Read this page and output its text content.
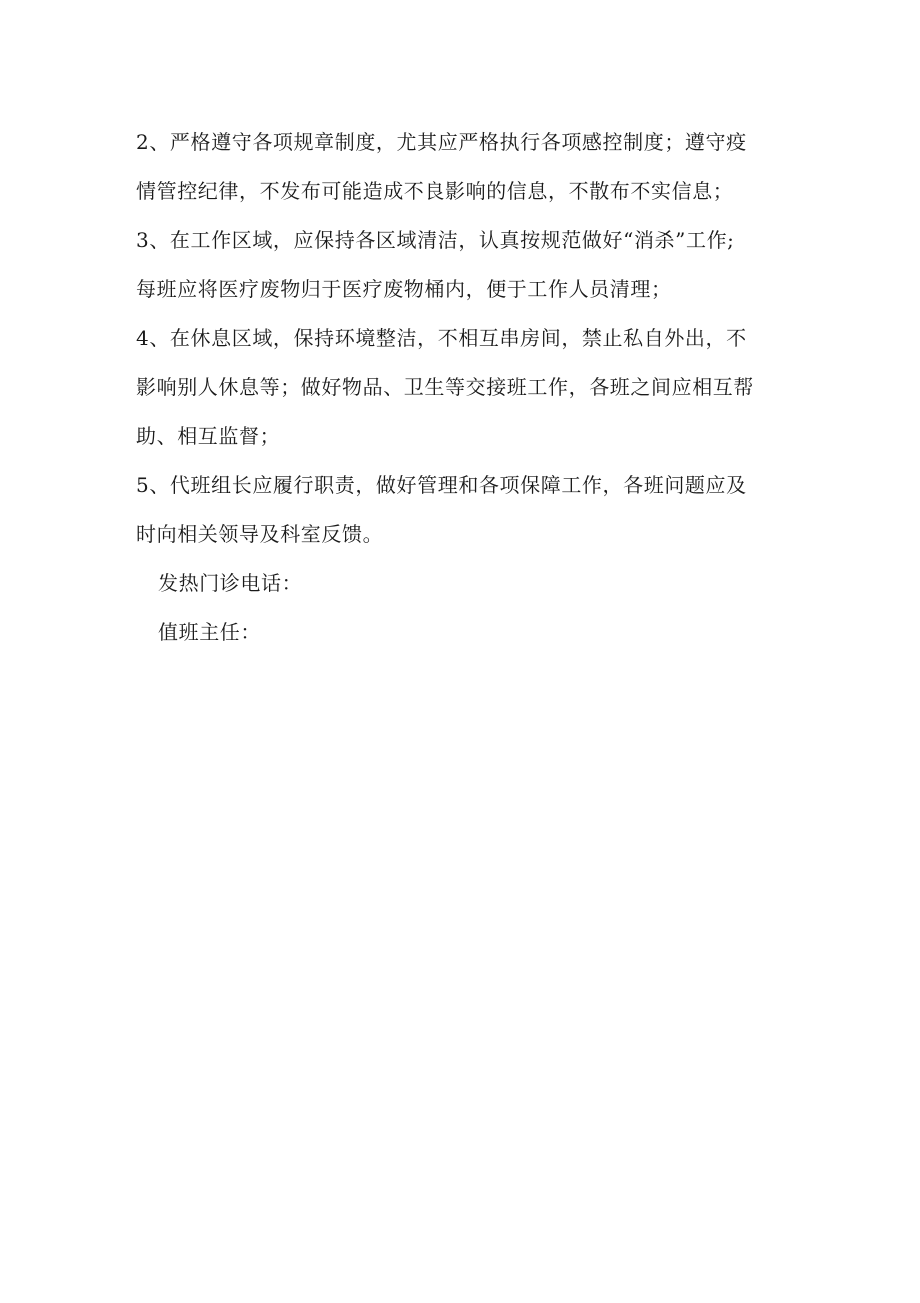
2、严格遵守各项规章制度，尤其应严格执行各项感控制度；遵守疫
情管控纪律，不发布可能造成不良影响的信息，不散布不实信息；
3、在工作区域，应保持各区域清洁，认真按规范做好“消杀”工作;
每班应将医疗废物归于医疗废物桶内，便于工作人员清理；
4、在休息区域，保持环境整洁，不相互串房间，禁止私自外出，不
影响别人休息等；做好物品、卫生等交接班工作，各班之间应相互帮
助、相互监督；
5、代班组长应履行职责，做好管理和各项保障工作，各班问题应及
时向相关领导及科室反馈。
发热门诊电话：
值班主任：
